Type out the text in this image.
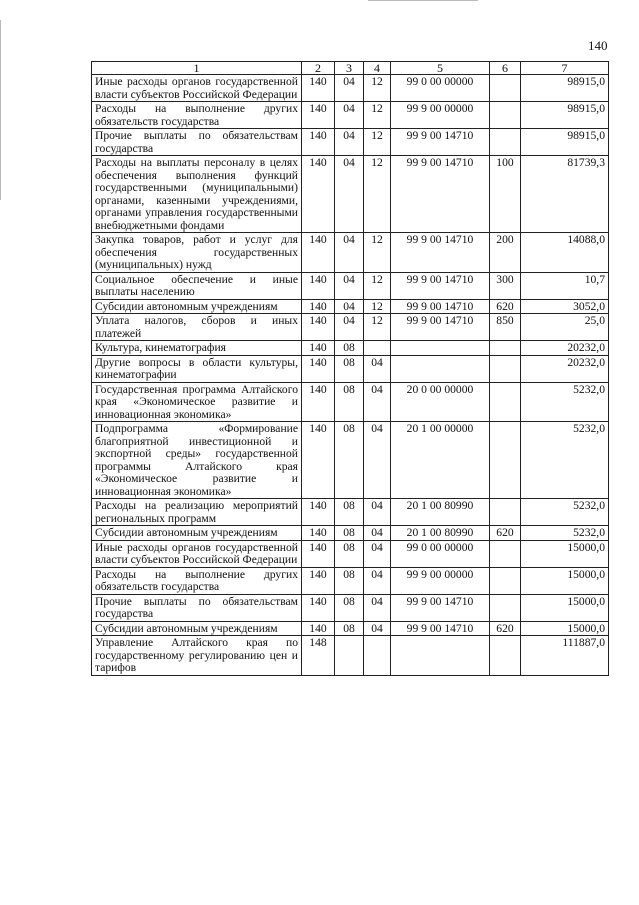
140
1	2	3	4	5	6	7
Иные расходы органов государственной власти субъектов Российской Федерации	140	04	12	99 0 00 00000		98915,0
Расходы на выполнение других обязательств государства	140	04	12	99 9 00 00000		98915,0
Прочие выплаты по обязательствам государства	140	04	12	99 9 00 14710		98915,0
Расходы на выплаты персоналу в целях обеспечения выполнения функций государственными (муниципальными) органами, казенными учреждениями, органами управления государственными внебюджетными фондами	140	04	12	99 9 00 14710	100	81739,3
Закупка товаров, работ и услуг для обеспечения государственных (муниципальных) нужд	140	04	12	99 9 00 14710	200	14088,0
Социальное обеспечение и иные выплаты населению	140	04	12	99 9 00 14710	300	10,7
Субсидии автономным учреждениям	140	04	12	99 9 00 14710	620	3052,0
Уплата налогов, сборов и иных платежей	140	04	12	99 9 00 14710	850	25,0
Культура, кинематография	140	08				20232,0
Другие вопросы в области культуры, кинематографии	140	08	04			20232,0
Государственная программа Алтайского края «Экономическое развитие и инновационная экономика»	140	08	04	20 0 00 00000		5232,0
Подпрограмма «Формирование благоприятной инвестиционной и экспортной среды» государственной программы Алтайского края «Экономическое развитие и инновационная экономика»	140	08	04	20 1 00 00000		5232,0
Расходы на реализацию мероприятий региональных программ	140	08	04	20 1 00 80990		5232,0
Субсидии автономным учреждениям	140	08	04	20 1 00 80990	620	5232,0
Иные расходы органов государственной власти субъектов Российской Федерации	140	08	04	99 0 00 00000		15000,0
Расходы на выполнение других обязательств государства	140	08	04	99 9 00 00000		15000,0
Прочие выплаты по обязательствам государства	140	08	04	99 9 00 14710		15000,0
Субсидии автономным учреждениям	140	08	04	99 9 00 14710	620	15000,0
Управление Алтайского края по государственному регулированию цен и тарифов	148					111887,0
